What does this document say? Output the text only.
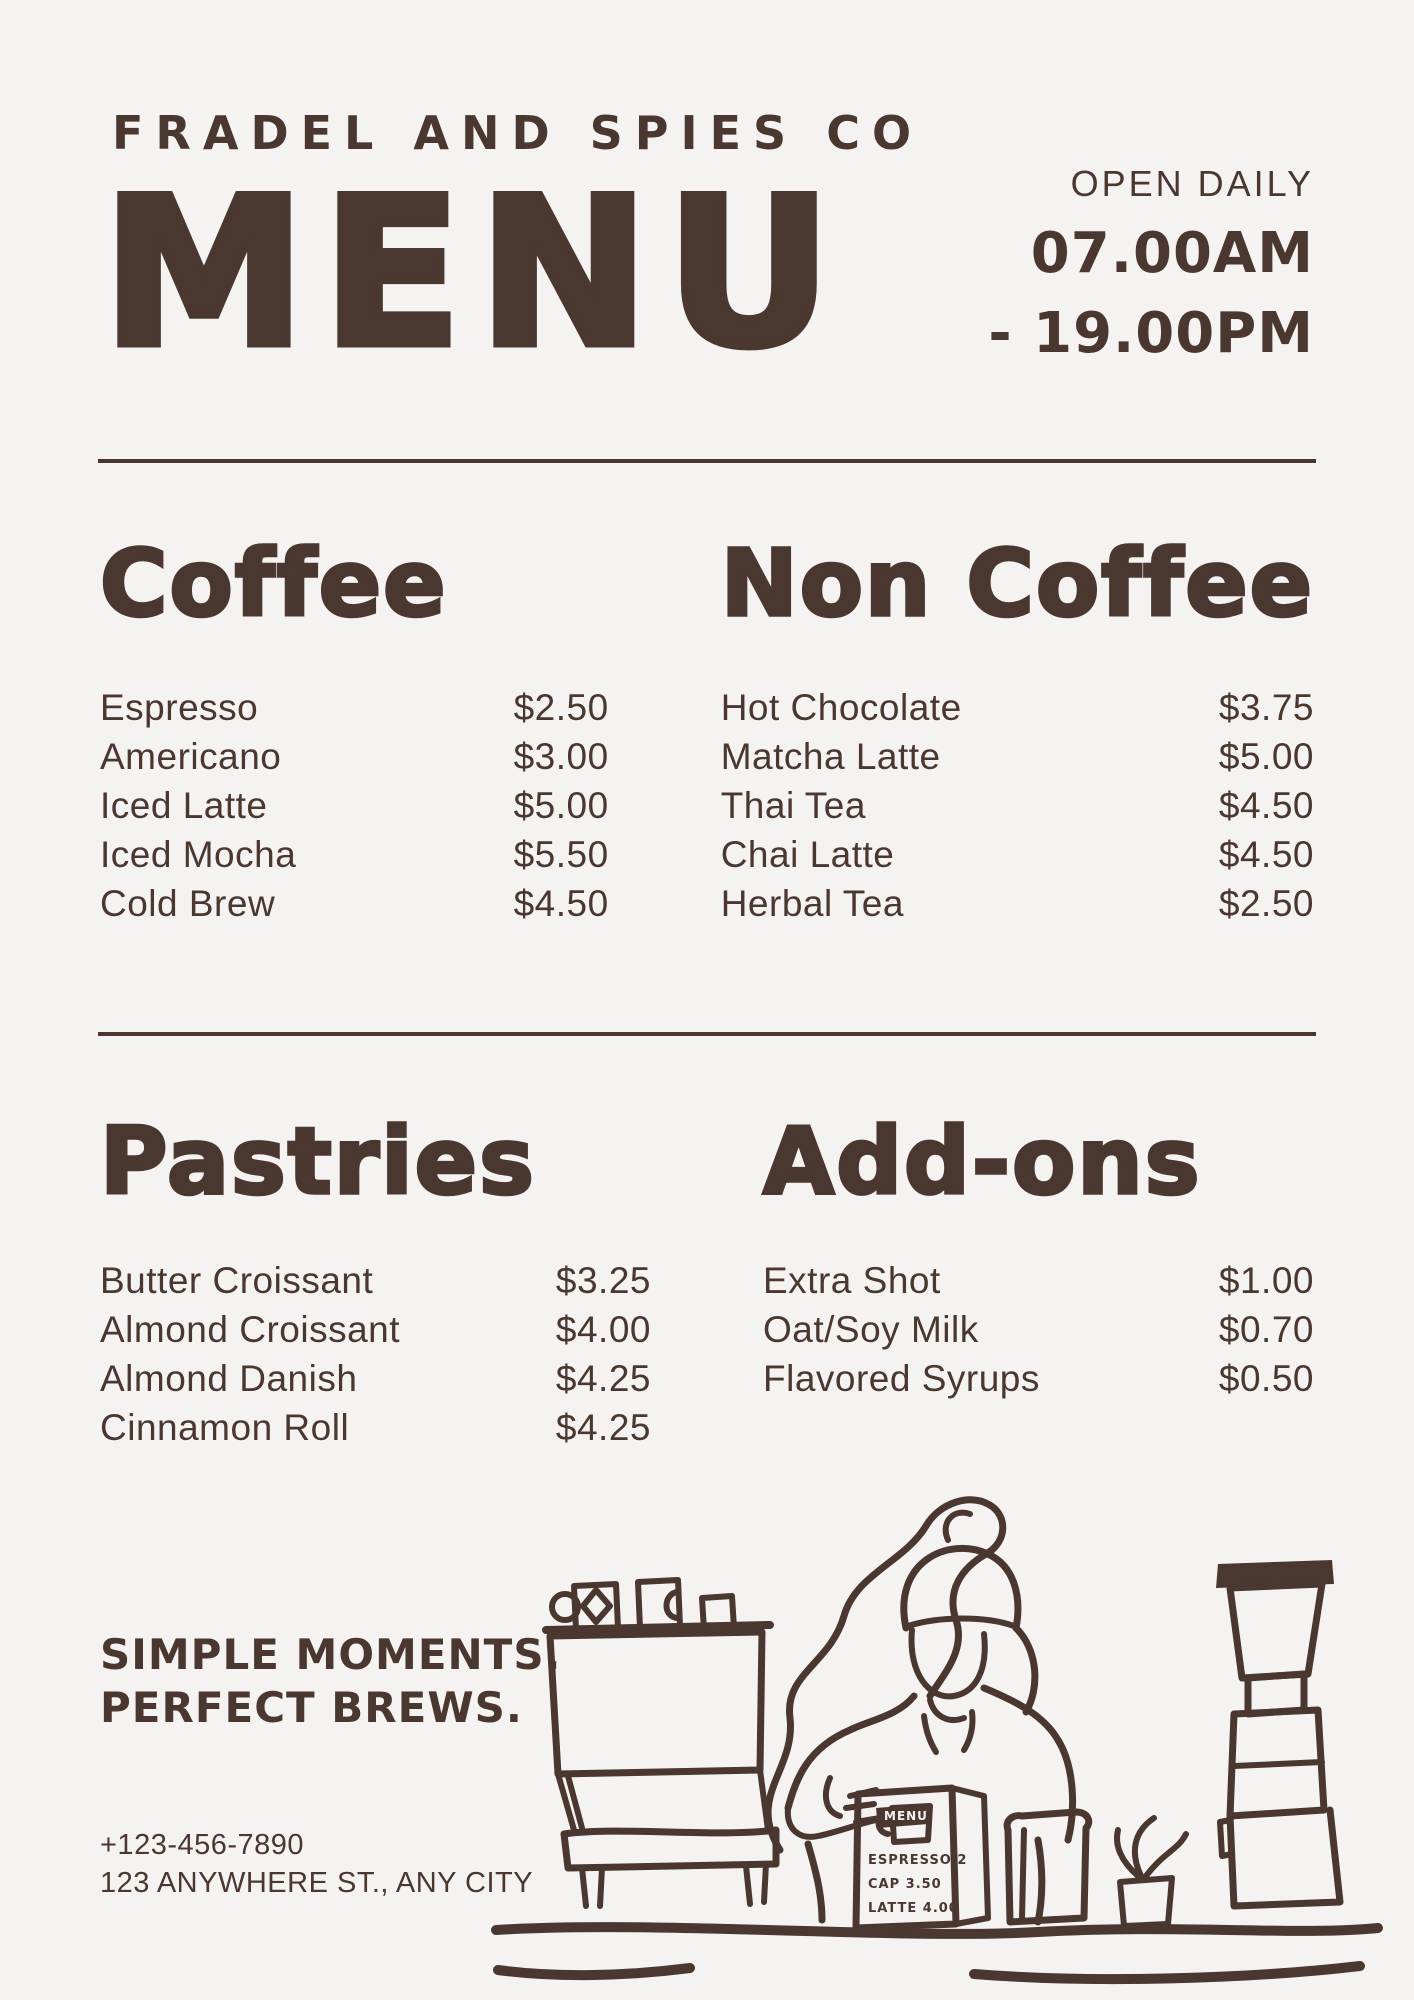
FRADEL AND SPIES CO
MENU	OPEN DAILY
07.00AM
- 19.00PM
Coffee
Espresso	$2.50
Americano	$3.00
Iced Latte	$5.00
Iced Mocha	$5.50
Cold Brew	$4.50
Non Coffee
Hot Chocolate	$3.75
Matcha Latte	$5.00
Thai Tea	$4.50
Chai Latte	$4.50
Herbal Tea	$2.50
Pastries
Butter Croissant	$3.25
Almond Croissant	$4.00
Almond Danish	$4.25
Cinnamon Roll	$4.25
Add-ons
Extra Shot	$1.00
Oat/Soy Milk	$0.70
Flavored Syrups	$0.50
SIMPLE MOMENTS.
PERFECT BREWS.
+123-456-7890
123 ANYWHERE ST., ANY CITY
MENU
ESPRESSO 2
CAP 3.50
LATTE 4.00
